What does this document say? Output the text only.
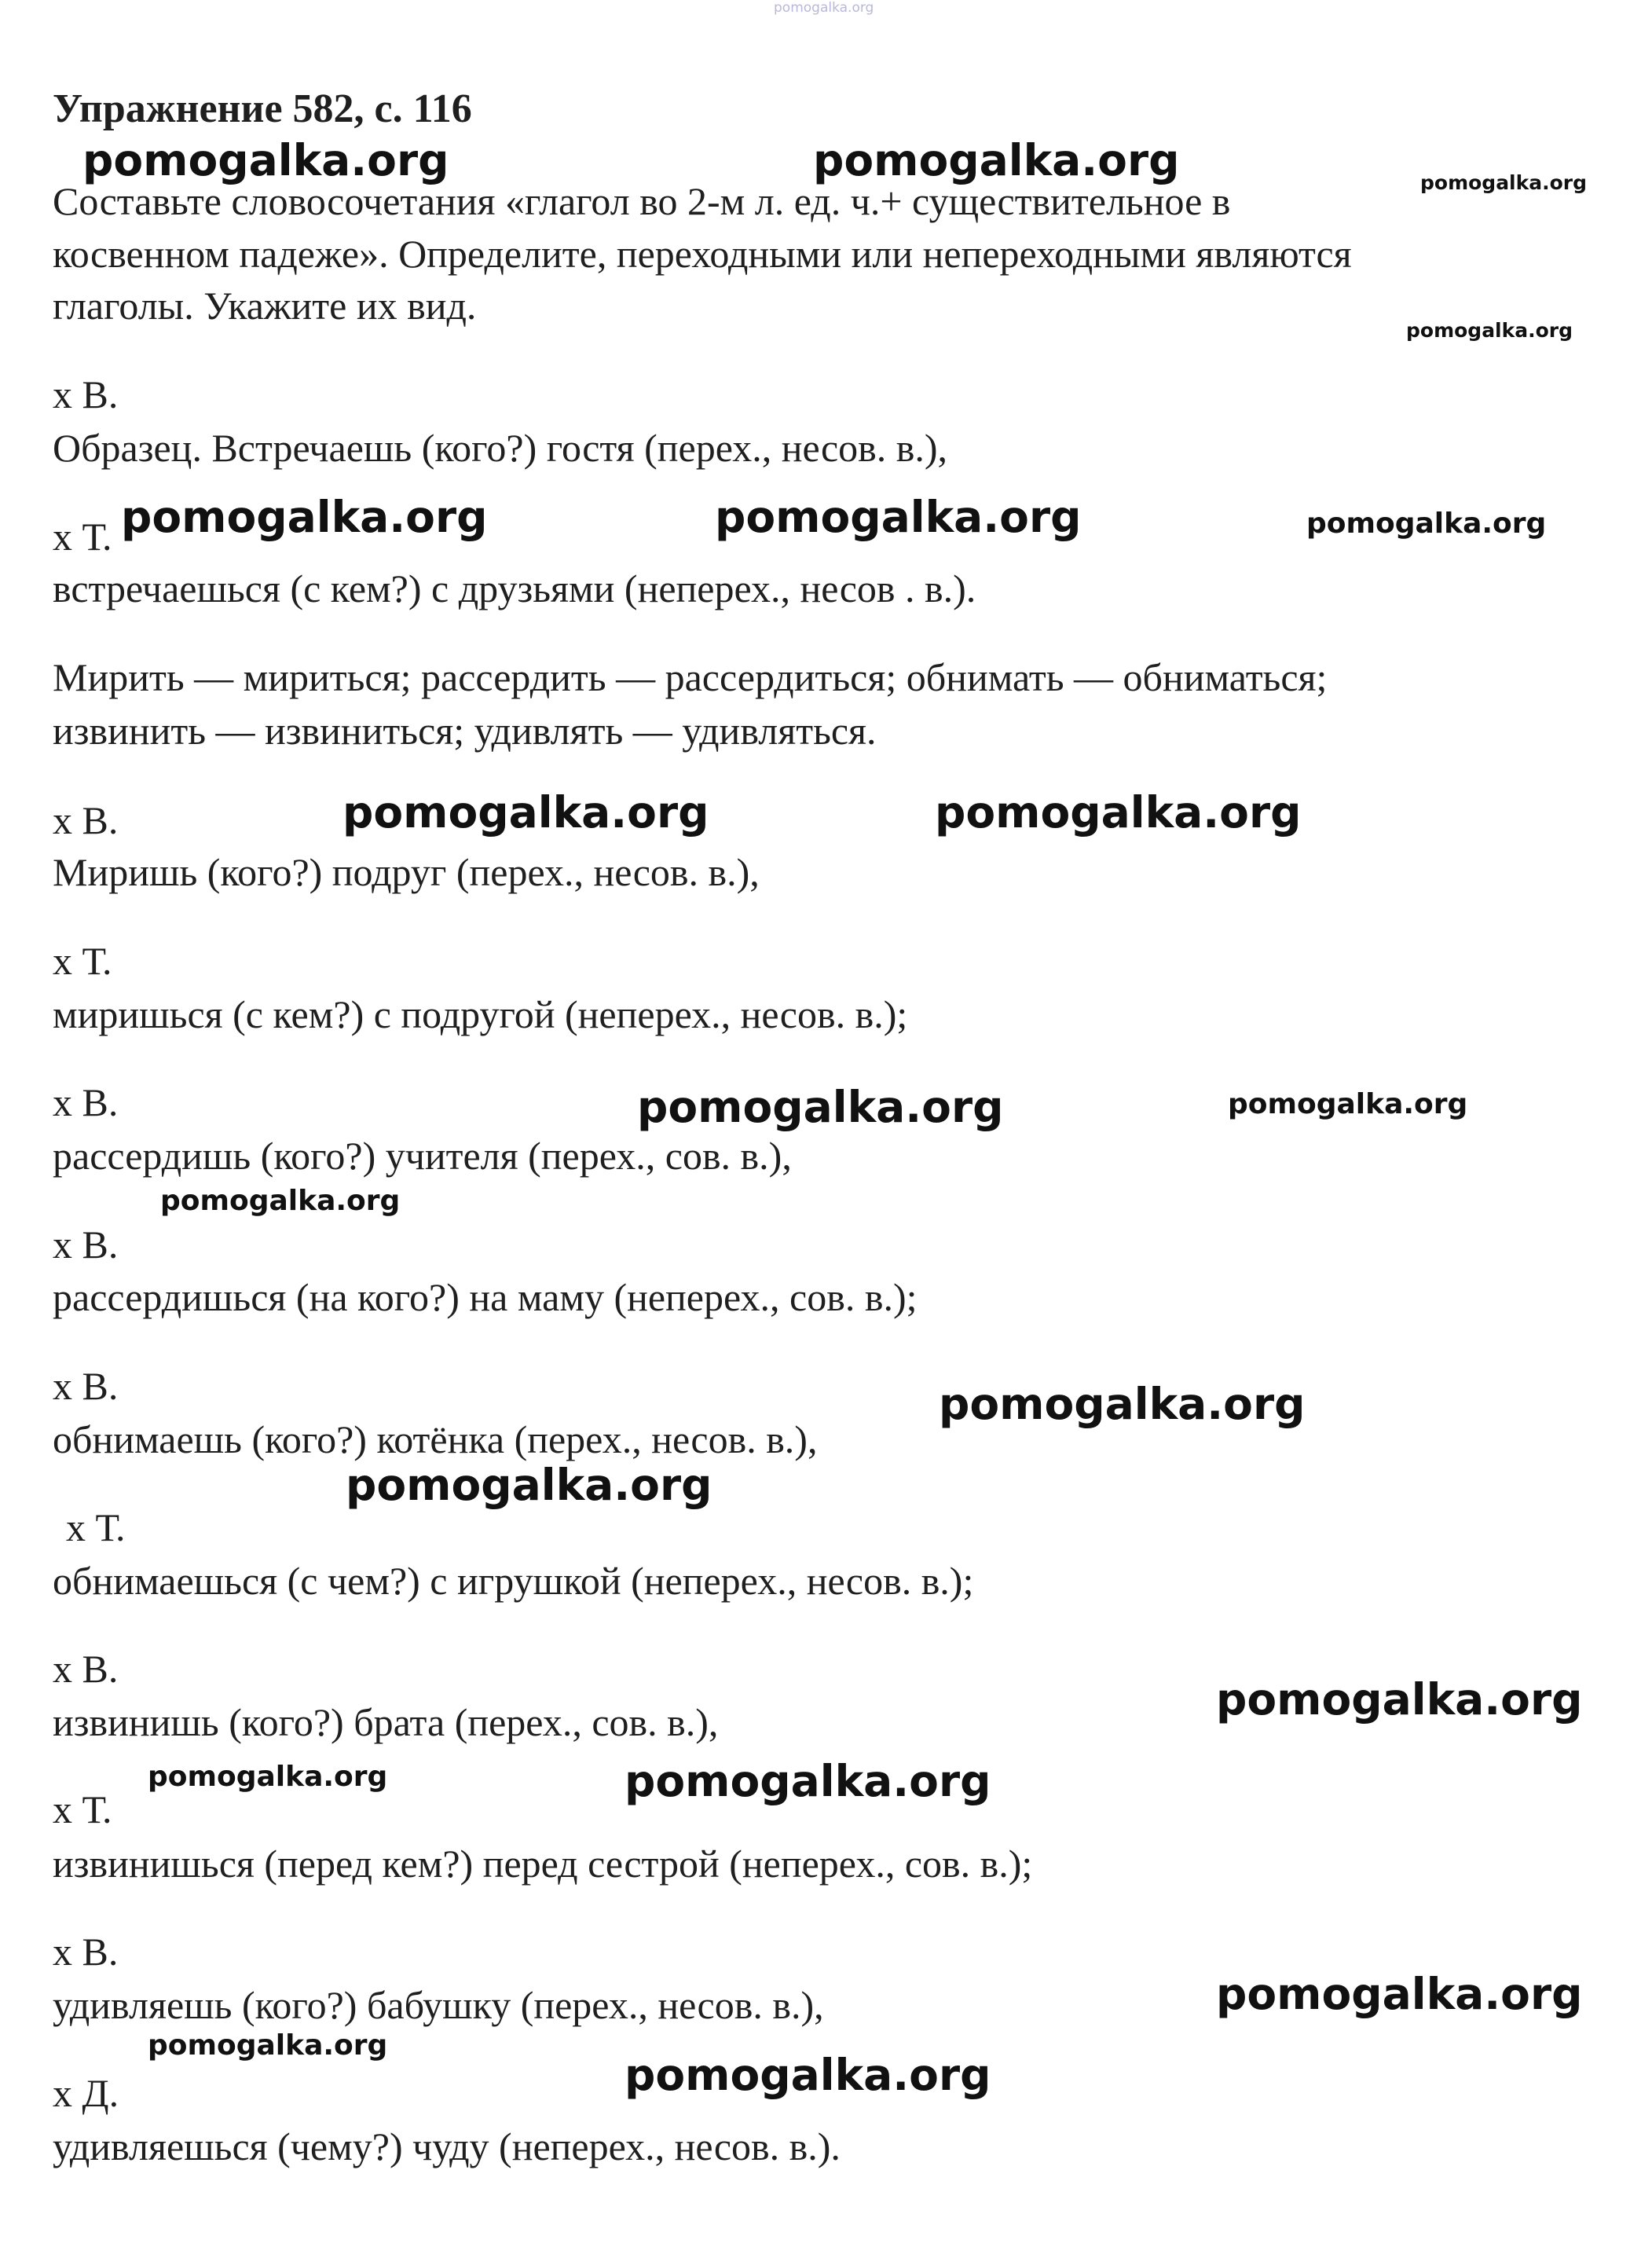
pomogalka.org

Упражнение 582, с. 116

Составьте словосочетания «глагол во 2-м л. ед. ч.+ существительное в

косвенном падеже». Определите, переходными или непереходными являются

глаголы. Укажите их вид.

х В.

Образец. Встречаешь (кого?) гостя (перех., несов. в.),

х Т.

встречаешься (с кем?) с друзьями (неперех., несов . в.).

Мирить — мириться; рассердить — рассердиться; обнимать — обниматься;

извинить — извиниться; удивлять — удивляться.

х В.

Миришь (кого?) подруг (перех., несов. в.),

х Т.

миришься (с кем?) с подругой (неперех., несов. в.);

х В.

рассердишь (кого?) учителя (перех., сов. в.),

х В.

рассердишься (на кого?) на маму (неперех., сов. в.);

х В.

обнимаешь (кого?) котёнка (перех., несов. в.),

х Т.

обнимаешься (с чем?) с игрушкой (неперех., несов. в.);

х В.

извинишь (кого?) брата (перех., сов. в.),

х Т.

извинишься (перед кем?) перед сестрой (неперех., сов. в.);

х В.

удивляешь (кого?) бабушку (перех., несов. в.),

х Д.

удивляешься (чему?) чуду (неперех., несов. в.).

pomogalka.org	pomogalka.org	pomogalka.org

pomogalka.org

pomogalka.org	pomogalka.org	pomogalka.org

pomogalka.org	pomogalka.org

pomogalka.org	pomogalka.org

pomogalka.org

pomogalka.org

pomogalka.org

pomogalka.org

pomogalka.org	pomogalka.org

pomogalka.org

pomogalka.org

pomogalka.org
